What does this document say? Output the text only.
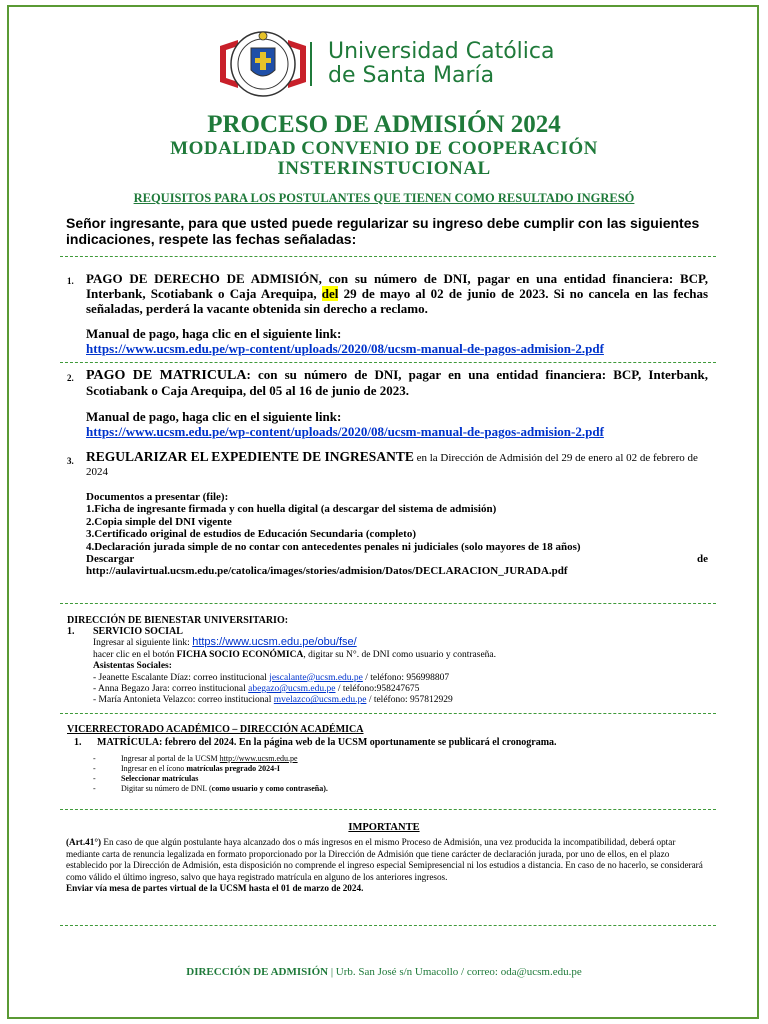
Universidad Católica
de Santa María
PROCESO DE ADMISIÓN 2024
MODALIDAD CONVENIO DE COOPERACIÓN
INSTERINSTUCIONAL
REQUISITOS PARA LOS POSTULANTES QUE TIENEN COMO RESULTADO INGRESÓ
Señor ingresante, para que usted puede regularizar su ingreso debe cumplir con las siguientes indicaciones, respete las fechas señaladas:
1. PAGO DE DERECHO DE ADMISIÓN, con su número de DNI, pagar en una entidad financiera: BCP, Interbank, Scotiabank o Caja Arequipa, del 29 de mayo al 02 de junio de 2023. Si no cancela en las fechas señaladas, perderá la vacante obtenida sin derecho a reclamo.
Manual de pago, haga clic en el siguiente link:
https://www.ucsm.edu.pe/wp-content/uploads/2020/08/ucsm-manual-de-pagos-admision-2.pdf
2. PAGO DE MATRICULA: con su número de DNI, pagar en una entidad financiera: BCP, Interbank, Scotiabank o Caja Arequipa, del 05 al 16 de junio de 2023.
Manual de pago, haga clic en el siguiente link:
https://www.ucsm.edu.pe/wp-content/uploads/2020/08/ucsm-manual-de-pagos-admision-2.pdf
3. REGULARIZAR EL EXPEDIENTE DE INGRESANTE en la Dirección de Admisión del 29 de enero al 02 de febrero de 2024
Documentos a presentar (file):
1.Ficha de ingresante firmada y con huella digital (a descargar del sistema de admisión)
2.Copia simple del DNI vigente
3.Certificado original de estudios de Educación Secundaria (completo)
4.Declaración jurada simple de no contar con antecedentes penales ni judiciales (solo mayores de 18 años)
Descargar	de
http://aulavirtual.ucsm.edu.pe/catolica/images/stories/admision/Datos/DECLARACION_JURADA.pdf
DIRECCIÓN DE BIENESTAR UNIVERSITARIO:
1. SERVICIO SOCIAL
Ingresar al siguiente link: https://www.ucsm.edu.pe/obu/fse/
hacer clic en el botón FICHA SOCIO ECONÓMICA, digitar su N°. de DNI como usuario y contraseña.
Asistentas Sociales:
- Jeanette Escalante Díaz: correo institucional jescalante@ucsm.edu.pe / teléfono: 956998807
- Anna Begazo Jara: correo institucional abegazo@ucsm.edu.pe / teléfono:958247675
- María Antonieta Velazco: correo institucional mvelazco@ucsm.edu.pe / teléfono: 957812929
VICERRECTORADO ACADÉMICO – DIRECCIÓN ACADÉMICA
1. MATRÍCULA: febrero del 2024. En la página web de la UCSM oportunamente se publicará el cronograma.
-	Ingresar al portal de la UCSM http://www.ucsm.edu.pe
-	Ingresar en el ícono matrículas pregrado 2024-I
-	Seleccionar matrículas
-	Digitar su número de DNI. (como usuario y como contraseña).
IMPORTANTE
(Art.41°) En caso de que algún postulante haya alcanzado dos o más ingresos en el mismo Proceso de Admisión, una vez producida la incompatibilidad, deberá optar mediante carta de renuncia legalizada en formato proporcionado por la Dirección de Admisión que tiene carácter de declaración jurada, por uno de ellos, en el plazo establecido por la Dirección de Admisión, esta disposición no comprende el ingreso especial Semipresencial ni los estudios a distancia. En caso de no hacerlo, se considerará como válido el último ingreso, salvo que haya registrado matrícula en alguno de los anteriores ingresos.
Enviar vía mesa de partes virtual de la UCSM hasta el 01 de marzo de 2024.
DIRECCIÓN DE ADMISIÓN | Urb. San José s/n Umacollo / correo: oda@ucsm.edu.pe
